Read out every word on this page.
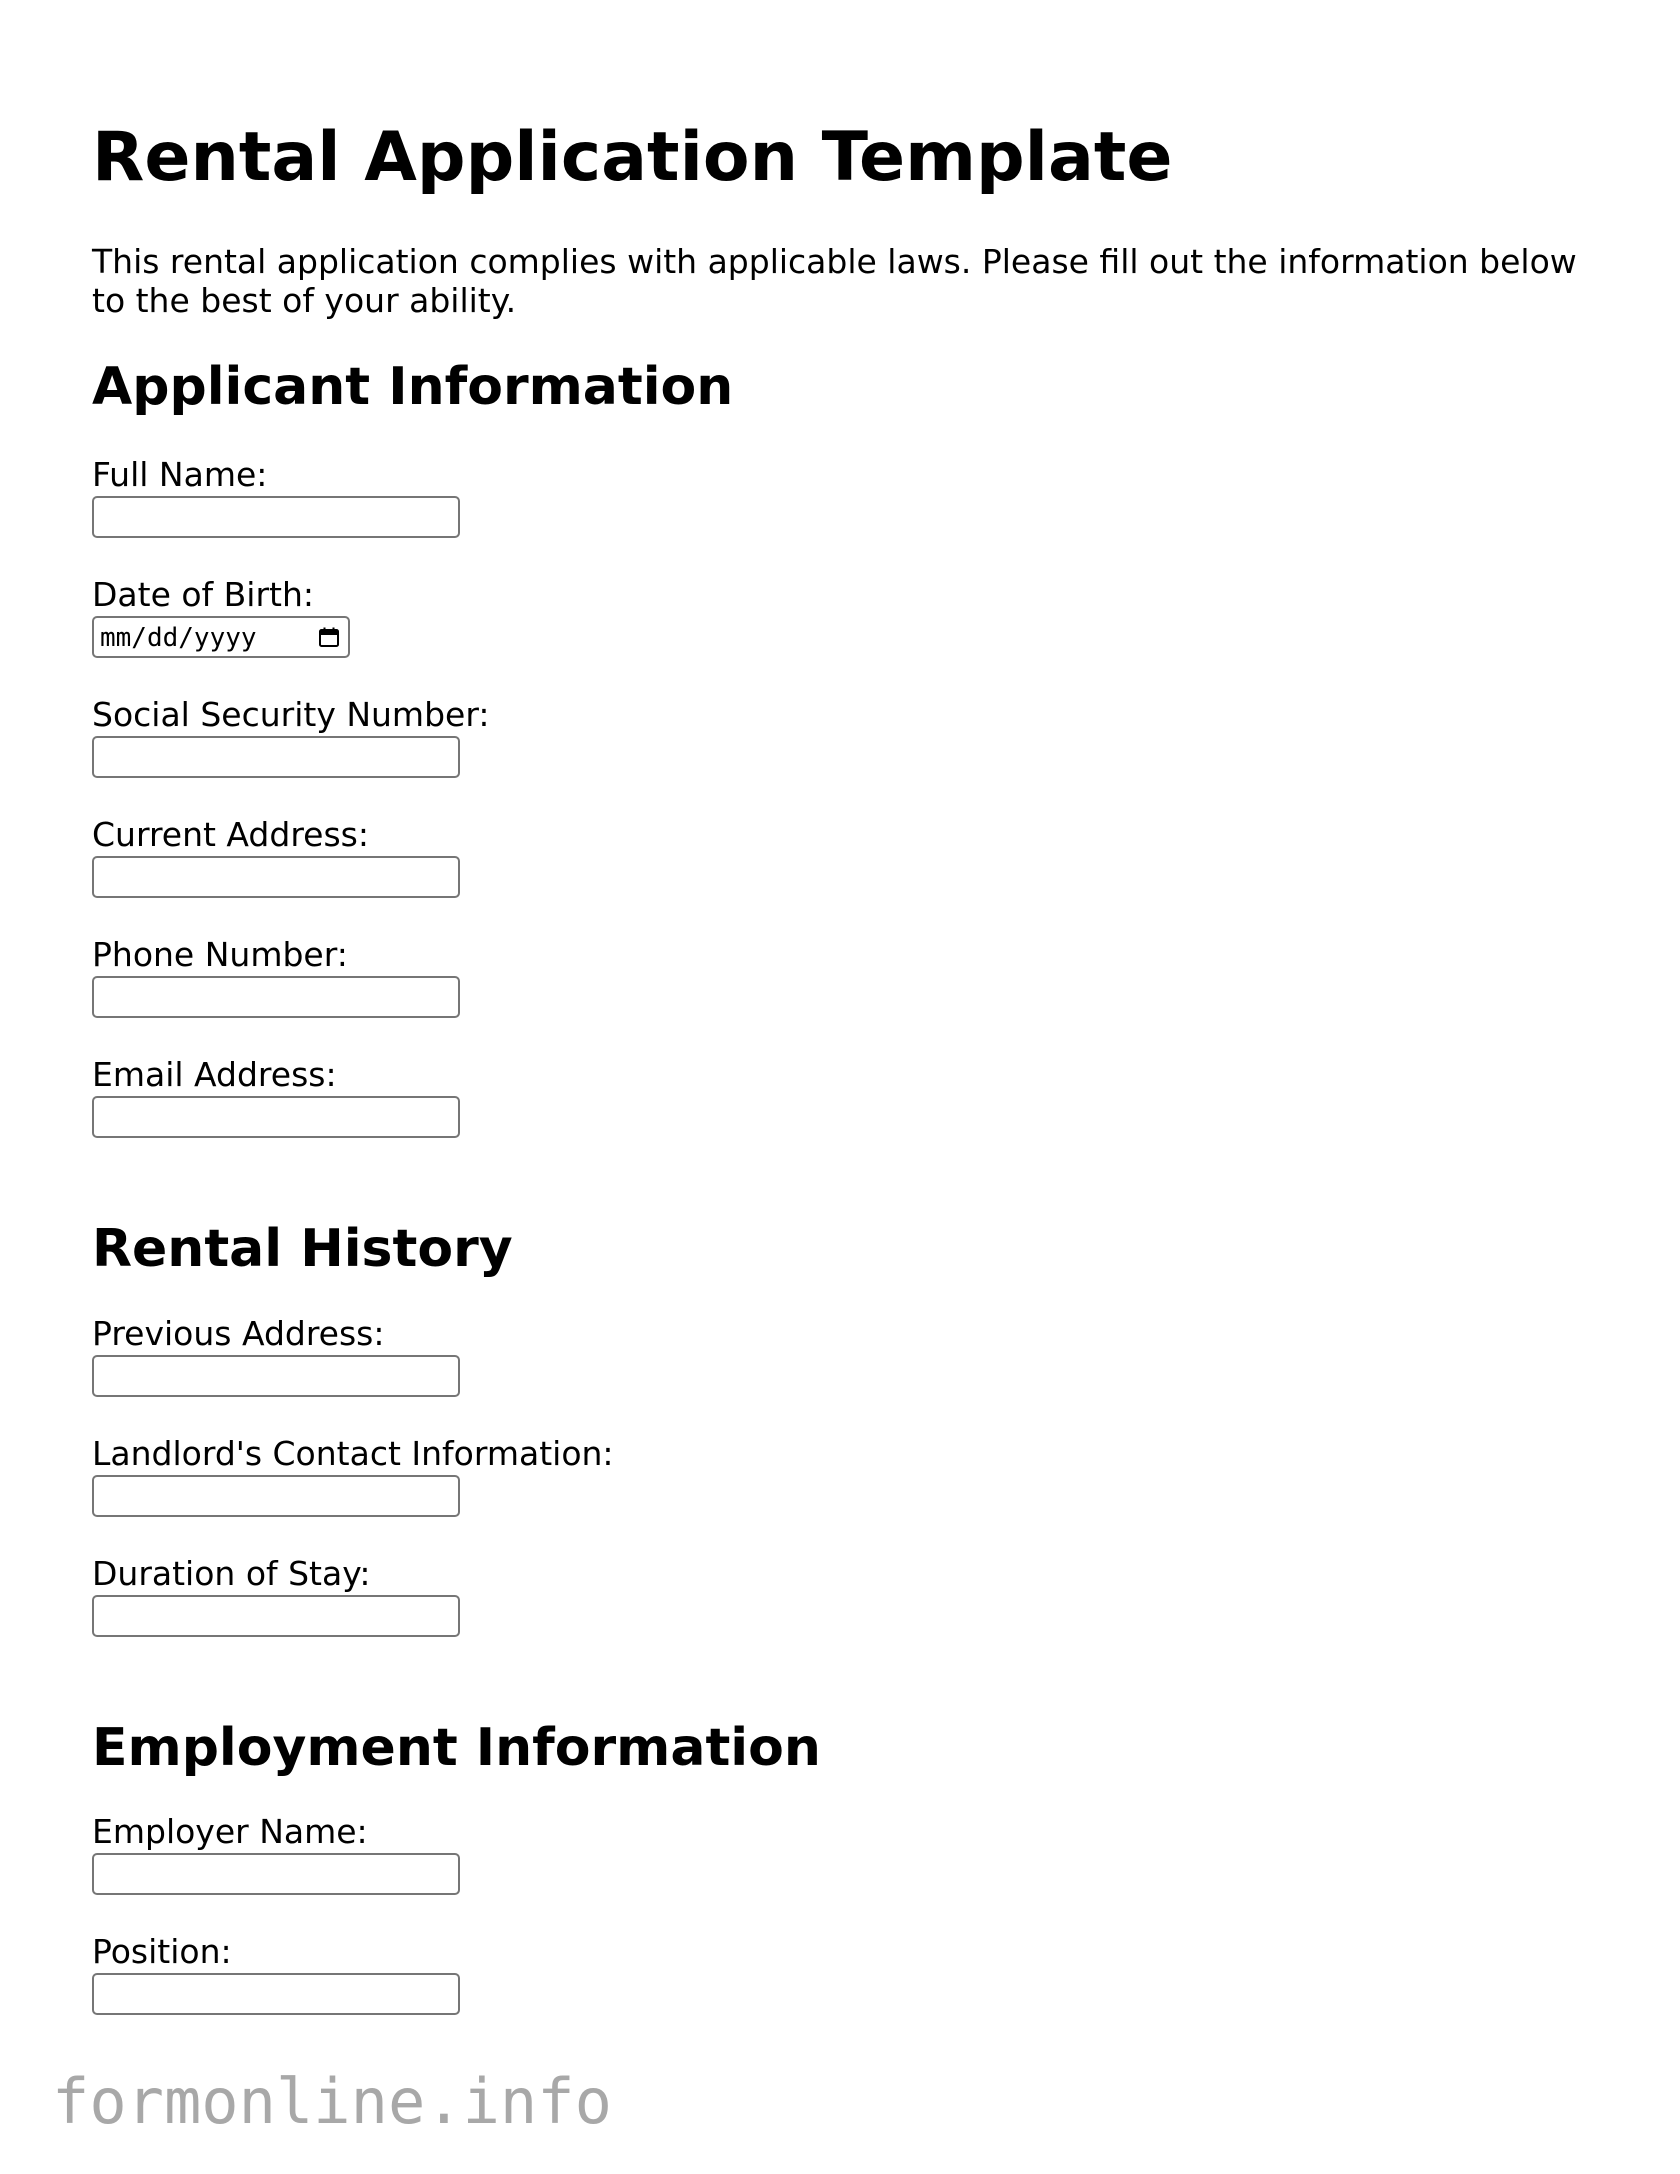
Rental Application Template

This rental application complies with applicable laws. Please fill out the information below to the best of your ability.

Applicant Information
Full Name:
Date of Birth:
mm/dd/yyyy
Social Security Number:
Current Address:
Phone Number:
Email Address:
Rental History
Previous Address:
Landlord's Contact Information:
Duration of Stay:
Employment Information
Employer Name:
Position:
formonline.info
